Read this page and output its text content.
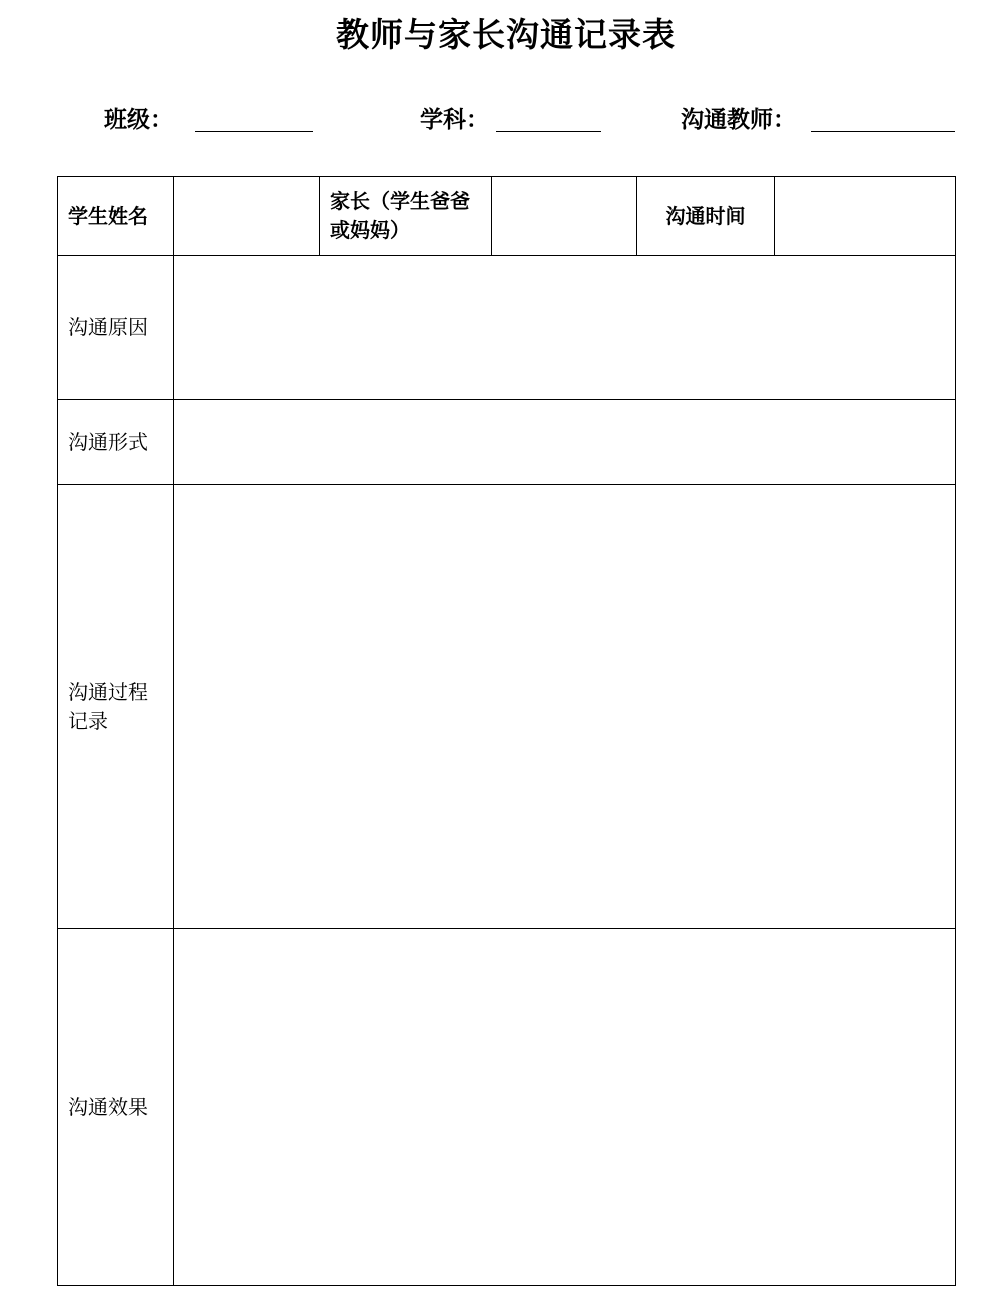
教师与家长沟通记录表
班级：	学科：	沟通教师：
学生姓名		家长（学生爸爸或妈妈）		沟通时间	
沟通原因					
沟通形式					
沟通过程记录					
沟通效果					
